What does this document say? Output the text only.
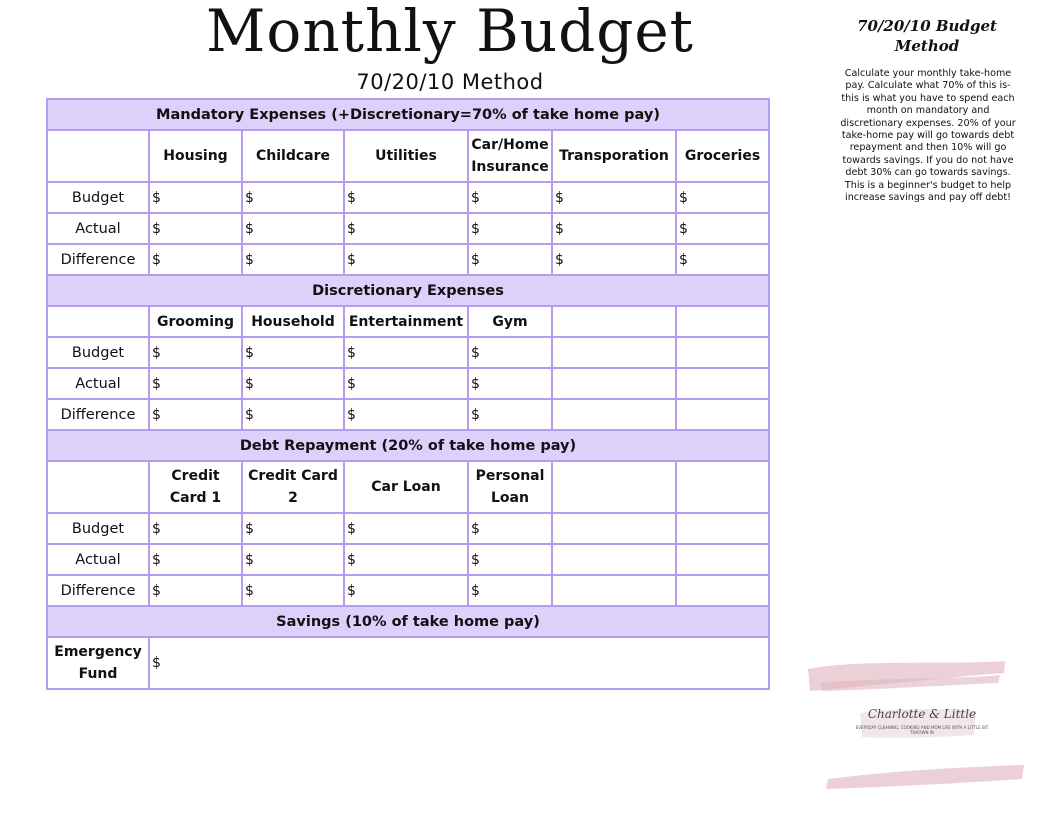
Monthly Budget
70/20/10 Method
Mandatory Expenses (+Discretionary=70% of take home pay)						
	Housing	Childcare	Utilities	Car/Home Insurance	Transporation	Groceries
Budget	$	$	$	$	$	$
Actual	$	$	$	$	$	$
Difference	$	$	$	$	$	$
Discretionary Expenses						
	Grooming	Household	Entertainment	Gym		
Budget	$	$	$	$		
Actual	$	$	$	$		
Difference	$	$	$	$		
Debt Repayment (20% of take home pay)						
	Credit Card 1	Credit Card 2	Car Loan	Personal Loan		
Budget	$	$	$	$		
Actual	$	$	$	$		
Difference	$	$	$	$		
Savings (10% of take home pay)						
Emergency Fund	$					
70/20/10 Budget Method
Calculate your monthly take-home pay. Calculate what 70% of this is-this is what you have to spend each month on mandatory and discretionary expenses. 20% of your take-home pay will go towards debt repayment and then 10% will go towards savings. If you do not have debt 30% can go towards savings. This is a beginner's budget to help increase savings and pay off debt!
Charlotte & Little
EVERYDAY CLEANING, COOKING AND MOM LIFE WITH A LITTLE BIT THROWN IN
